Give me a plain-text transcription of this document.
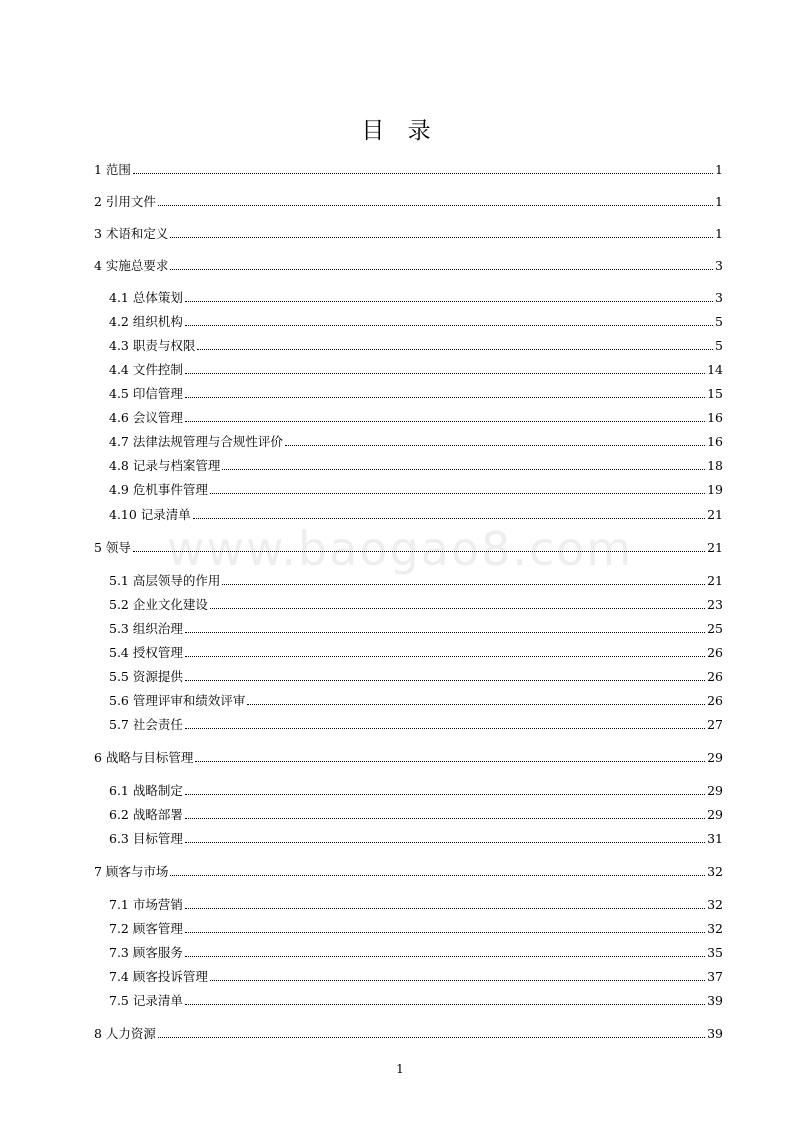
目 录
www.baogao8.com
1 范围	1
2 引用文件	1
3 术语和定义	1
4 实施总要求	3
4.1 总体策划	3
4.2 组织机构	5
4.3 职责与权限	5
4.4 文件控制	14
4.5 印信管理	15
4.6 会议管理	16
4.7 法律法规管理与合规性评价	16
4.8 记录与档案管理	18
4.9 危机事件管理	19
4.10 记录清单	21
5 领导	21
5.1 高层领导的作用	21
5.2 企业文化建设	23
5.3 组织治理	25
5.4 授权管理	26
5.5 资源提供	26
5.6 管理评审和绩效评审	26
5.7 社会责任	27
6 战略与目标管理	29
6.1 战略制定	29
6.2 战略部署	29
6.3 目标管理	31
7 顾客与市场	32
7.1 市场营销	32
7.2 顾客管理	32
7.3 顾客服务	35
7.4 顾客投诉管理	37
7.5 记录清单	39
8 人力资源	39
1
